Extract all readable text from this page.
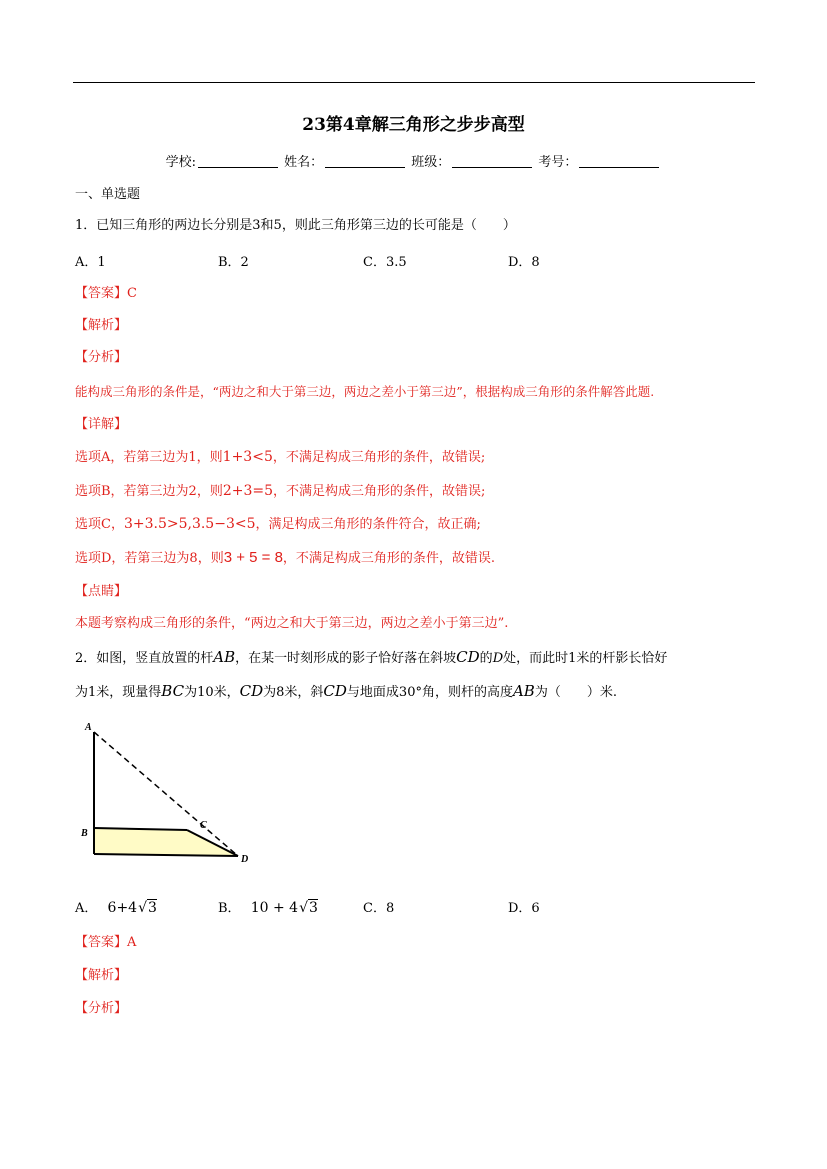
23第4章解三角形之步步高型
学校:	姓名：	班级：	考号：
一、单选题
1．已知三角形的两边长分别是3和5，则此三角形第三边的长可能是（　　）
A．1	B．2	C．3.5	D．8
【答案】C
【解析】
【分析】
能构成三角形的条件是，“两边之和大于第三边，两边之差小于第三边”，根据构成三角形的条件解答此题.
【详解】
选项A，若第三边为1，则1+3<5，不满足构成三角形的条件，故错误;
选项B，若第三边为2，则2+3=5，不满足构成三角形的条件，故错误;
选项C，3+3.5>5,3.5−3<5，满足构成三角形的条件符合，故正确;
选项D，若第三边为8，则3 + 5 = 8，不满足构成三角形的条件，故错误.
【点睛】
本题考察构成三角形的条件，“两边之和大于第三边，两边之差小于第三边”.
2．如图，竖直放置的杆AB，在某一时刻形成的影子恰好落在斜坡CD的D处，而此时1米的杆影长恰好
为1米，现量得BC为10米，CD为8米，斜CD与地面成30°角，则杆的高度AB为（　　）米.
A
B
C
D
A． 6+4√3	B． 10 + 4√3	C．8	D．6
【答案】A
【解析】
【分析】
